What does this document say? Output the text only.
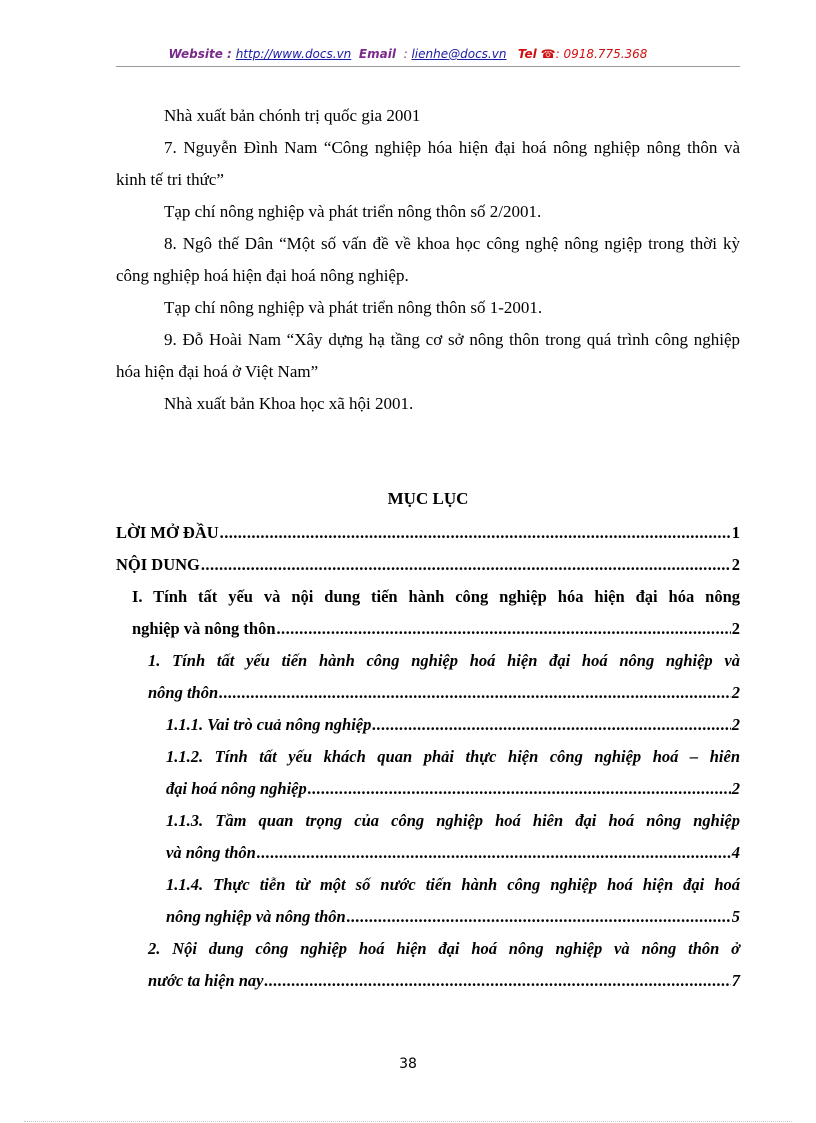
Website : http://www.docs.vn Email : lienhe@docs.vn Tel ☎: 0918.775.368

Nhà xuất bản chónh trị quốc gia 2001

7. Nguyễn Đình Nam “Công nghiệp hóa hiện đại hoá nông nghiệp nông thôn và kinh tế tri thức”

Tạp chí nông nghiệp và phát triển nông thôn số 2/2001.

8. Ngô thế Dân “Một số vấn đề về khoa học công nghệ nông ngiệp trong thời kỳ công nghiệp hoá hiện đại hoá nông nghiệp.

Tạp chí nông nghiệp và phát triển nông thôn số 1-2001.

9. Đỗ Hoài Nam “Xây dựng hạ tầng cơ sở nông thôn trong quá trình công nghiệp hóa hiện đại hoá ở Việt Nam”

Nhà xuất bản Khoa học xã hội 2001.

MỤC LỤC
LỜI MỞ ĐẦU .....	1
NỘI DUNG .....	2
I. Tính tất yếu và nội dung tiến hành công nghiệp hóa hiện đại hóa nông
nghiệp và nông thôn .....	2
1. Tính tất yếu tiến hành công nghiệp hoá hiện đại hoá nông nghiệp và
nông thôn .....	2
1.1.1. Vai trò cuả nông nghiệp .....	2
1.1.2. Tính tất yếu khách quan phải thực hiện công nghiệp hoá – hiên
đại hoá nông nghiệp .....	2
1.1.3. Tầm quan trọng của công nghiệp hoá hiên đại hoá nông nghiệp
và nông thôn .....	4
1.1.4. Thực tiễn từ một số nước tiến hành công nghiệp hoá hiện đại hoá
nông nghiệp và nông thôn .....	5
2. Nội dung công nghiệp hoá hiện đại hoá nông nghiệp và nông thôn ở
nước ta hiện nay .....	7
38
